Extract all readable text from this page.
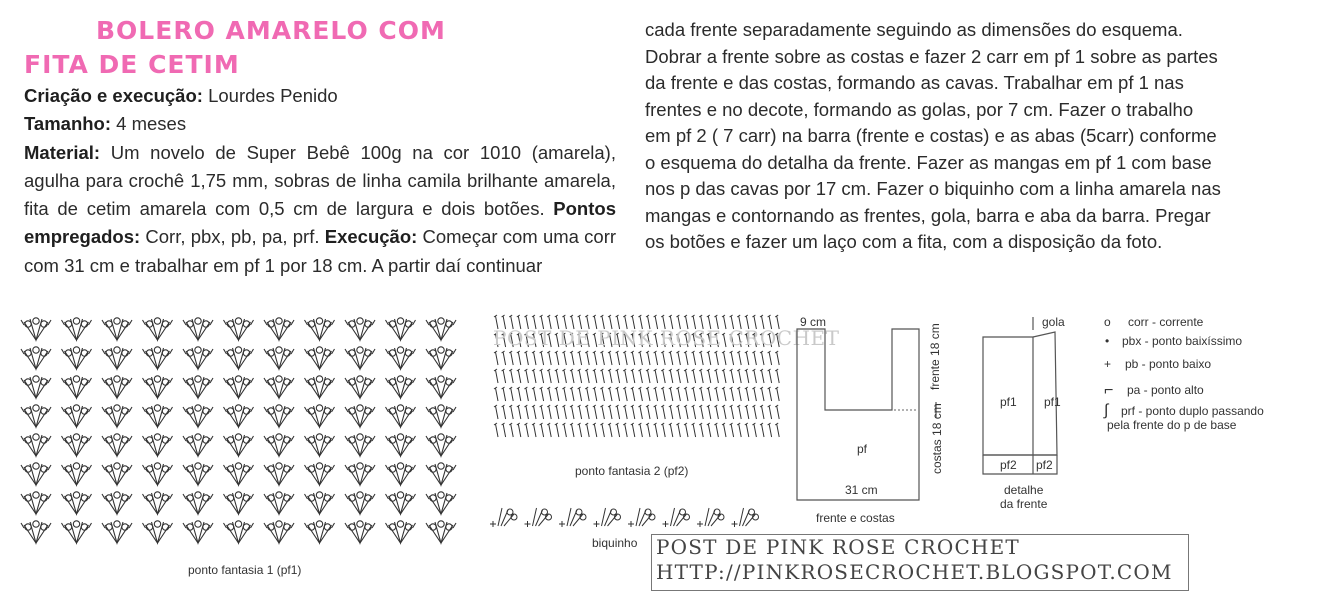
BOLERO AMARELO COM
FITA DE CETIM
Criação e execução: Lourdes Penido
Tamanho: 4 meses
Material: Um novelo de Super Bebê 100g na cor 1010 (amarela), agulha para crochê 1,75 mm, sobras de linha camila brilhante amarela, fita de cetim amarela com 0,5 cm de largura e dois botões. Pontos empregados: Corr, pbx, pb, pa, prf. Execução: Começar com uma corr com 31 cm e trabalhar em pf 1 por 18 cm. A partir daí continuar
cada frente separadamente seguindo as dimensões do esquema.
Dobrar a frente sobre as costas e fazer 2 carr em pf 1 sobre as partes
da frente e das costas, formando as cavas. Trabalhar em pf 1 nas
frentes e no decote, formando as golas, por 7 cm. Fazer o trabalho
em pf 2 ( 7 carr) na barra (frente e costas) e as abas (5carr) conforme
o esquema do detalha da frente. Fazer as mangas em pf 1 com base
nos p das cavas por 17 cm. Fazer o biquinho com a linha amarela nas
mangas e contornando as frentes, gola, barra e aba da barra. Pregar
os botões e fazer um laço com a fita, com a disposição da foto.
ponto fantasia 1 (pf1)
POST DE PINK ROSE CROCHET
ponto fantasia 2 (pf2)
biquinho
9 cm
frente 18 cm
costas 18 cm
pf
31 cm
frente e costas
gola
pf1 pf1
pf2 pf2
detalhe
da frente
o corr - corrente
• pbx - ponto baixíssimo
+ pb - ponto baixo
⌐ pa - ponto alto
∫ prf - ponto duplo passando
pela frente do p de base
POST DE PINK ROSE CROCHET
HTTP://PINKROSECROCHET.BLOGSPOT.COM
